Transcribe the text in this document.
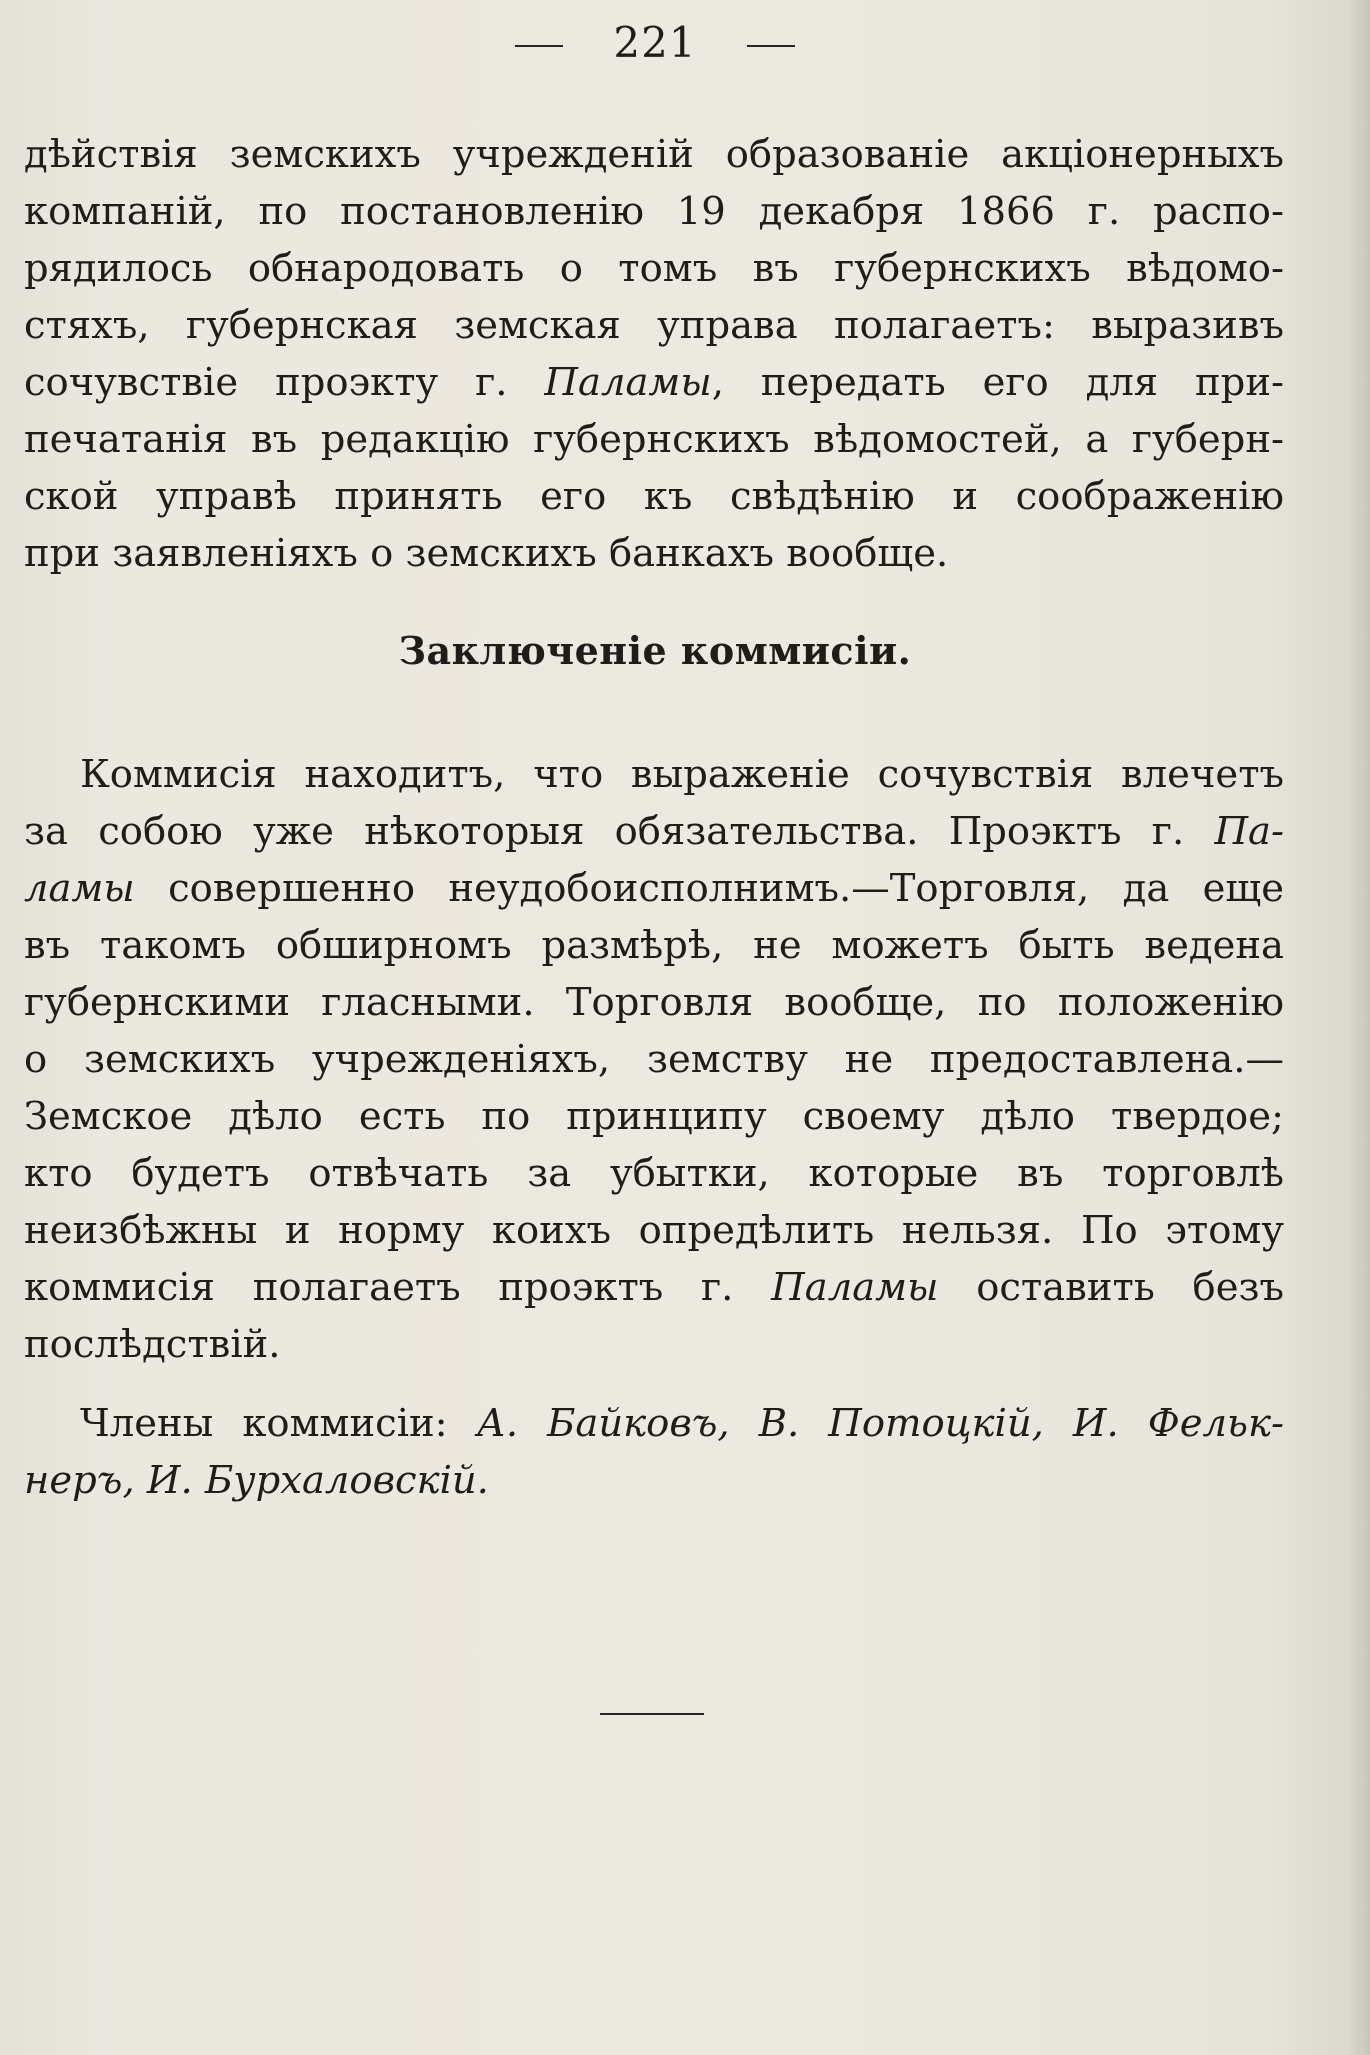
221
дѣйствія земскихъ учрежденій образованіе акціонерныхъ
компаній, по постановленію 19 декабря 1866 г. распо-
рядилось обнародовать о томъ въ губернскихъ вѣдомо-
стяхъ, губернская земская управа полагаетъ: выразивъ
сочувствіе проэкту г. Паламы, передать его для при-
печатанія въ редакцію губернскихъ вѣдомостей, а губерн-
ской управѣ принять его къ свѣдѣнію и соображенію
при заявленіяхъ о земскихъ банкахъ вообще.
Заключеніе коммисіи.
Коммисія находитъ, что выраженіе сочувствія влечетъ
за собою уже нѣкоторыя обязательства. Проэктъ г. Па-
ламы совершенно неудобоисполнимъ.—Торговля, да еще
въ такомъ обширномъ размѣрѣ, не можетъ быть ведена
губернскими гласными. Торговля вообще, по положенію
о земскихъ учрежденіяхъ, земству не предоставлена.—
Земское дѣло есть по принципу своему дѣло твердое;
кто будетъ отвѣчать за убытки, которые въ торговлѣ
неизбѣжны и норму коихъ опредѣлить нельзя. По этому
коммисія полагаетъ проэктъ г. Паламы оставить безъ
послѣдствій.
Члены коммисіи: А. Байковъ, В. Потоцкій, И. Фельк-
неръ, И. Бурхаловскій.
